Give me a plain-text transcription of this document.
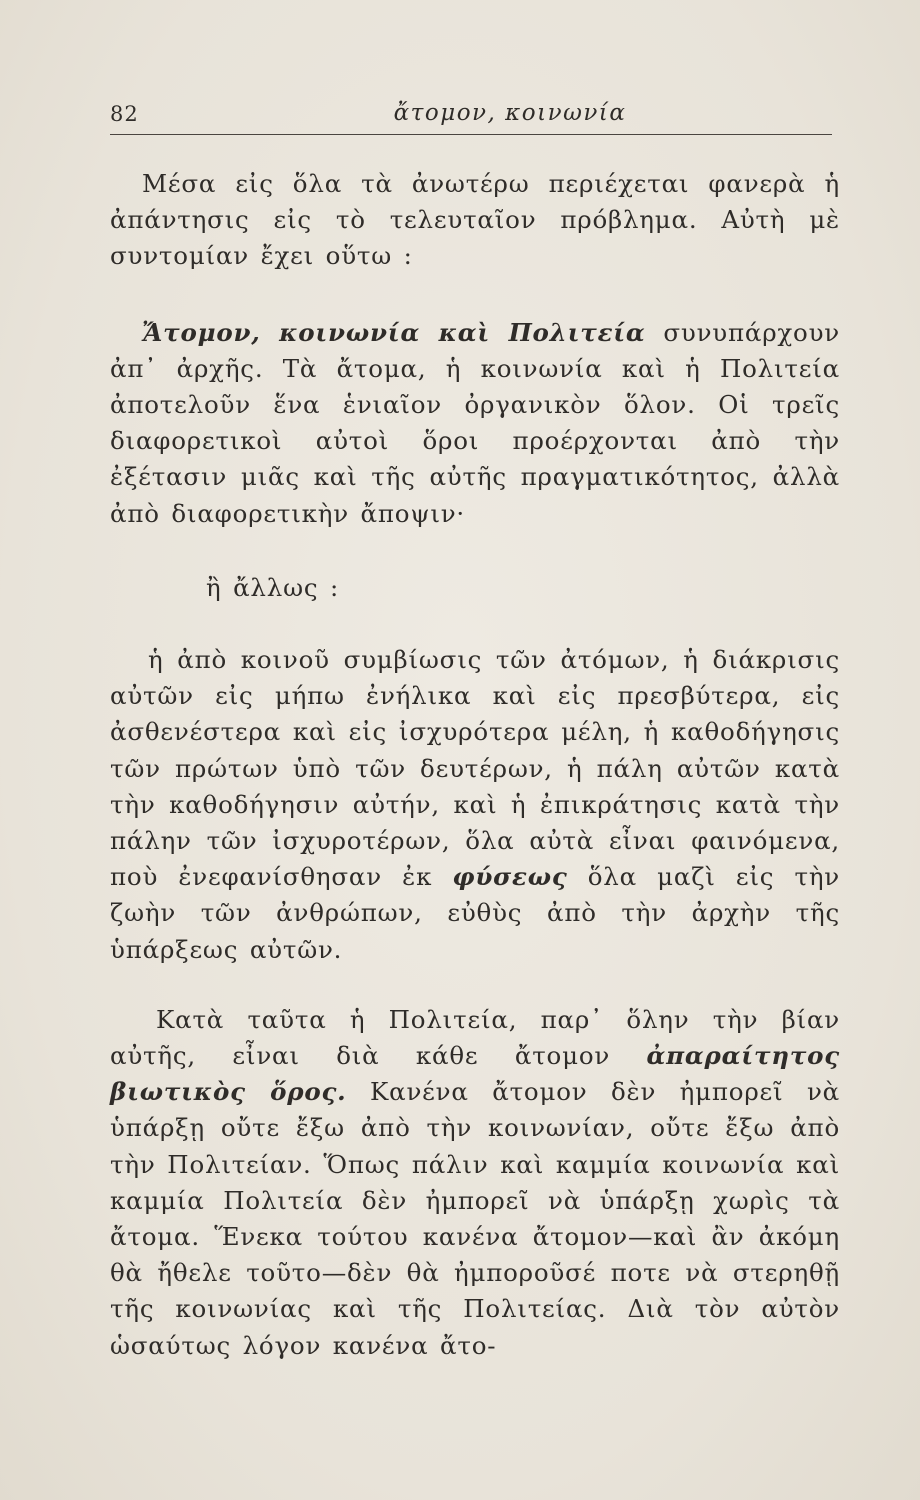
82	ἄτομον, κοινωνία

Μέσα εἰς ὅλα τὰ ἀνωτέρω περιέχεται φανερὰ ἡ ἀπάντησις εἰς τὸ τελευταῖον πρόβλημα. Αὐτὴ μὲ συντομίαν ἔχει οὕτω :

Ἄτομον, κοινωνία καὶ Πολιτεία συνυπάρχουν ἀπ᾽ ἀρχῆς. Τὰ ἄτομα, ἡ κοινωνία καὶ ἡ Πολιτεία ἀποτελοῦν ἕνα ἑνιαῖον ὀργανικὸν ὅλον. Οἱ τρεῖς διαφορετικοὶ αὐτοὶ ὅροι προέρχονται ἀπὸ τὴν ἐξέτασιν μιᾶς καὶ τῆς αὐτῆς πραγματικότητος, ἀλλὰ ἀπὸ διαφορετικὴν ἄποψιν·

ἢ ἄλλως :

ἡ ἀπὸ κοινοῦ συμβίωσις τῶν ἀτόμων, ἡ διάκρισις αὐτῶν εἰς μήπω ἐνήλικα καὶ εἰς πρεσβύτερα, εἰς ἀσθενέστερα καὶ εἰς ἰσχυρότερα μέλη, ἡ καθοδήγησις τῶν πρώτων ὑπὸ τῶν δευτέρων, ἡ πάλη αὐτῶν κατὰ τὴν καθοδήγησιν αὐτήν, καὶ ἡ ἐπικράτησις κατὰ τὴν πάλην τῶν ἰσχυροτέρων, ὅλα αὐτὰ εἶναι φαινόμενα, ποὺ ἐνεφανίσθησαν ἐκ φύσεως ὅλα μαζὶ εἰς τὴν ζωὴν τῶν ἀνθρώπων, εὐθὺς ἀπὸ τὴν ἀρχὴν τῆς ὑπάρξεως αὐτῶν.

Κατὰ ταῦτα ἡ Πολιτεία, παρ᾽ ὅλην τὴν βίαν αὐτῆς, εἶναι διὰ κάθε ἄτομον ἀπαραίτητος βιωτικὸς ὅρος. Κανένα ἄτομον δὲν ἠμπορεῖ νὰ ὑπάρξῃ οὔτε ἔξω ἀπὸ τὴν κοινωνίαν, οὔτε ἔξω ἀπὸ τὴν Πολιτείαν. Ὅπως πάλιν καὶ καμμία κοινωνία καὶ καμμία Πολιτεία δὲν ἠμπορεῖ νὰ ὑπάρξῃ χωρὶς τὰ ἄτομα. Ἕνεκα τούτου κανένα ἄτομον—καὶ ἂν ἀκόμη θὰ ἤθελε τοῦτο—δὲν θὰ ἠμποροῦσέ ποτε νὰ στερηθῇ τῆς κοινωνίας καὶ τῆς Πολιτείας. Διὰ τὸν αὐτὸν ὡσαύτως λόγον κανένα ἄτο-
